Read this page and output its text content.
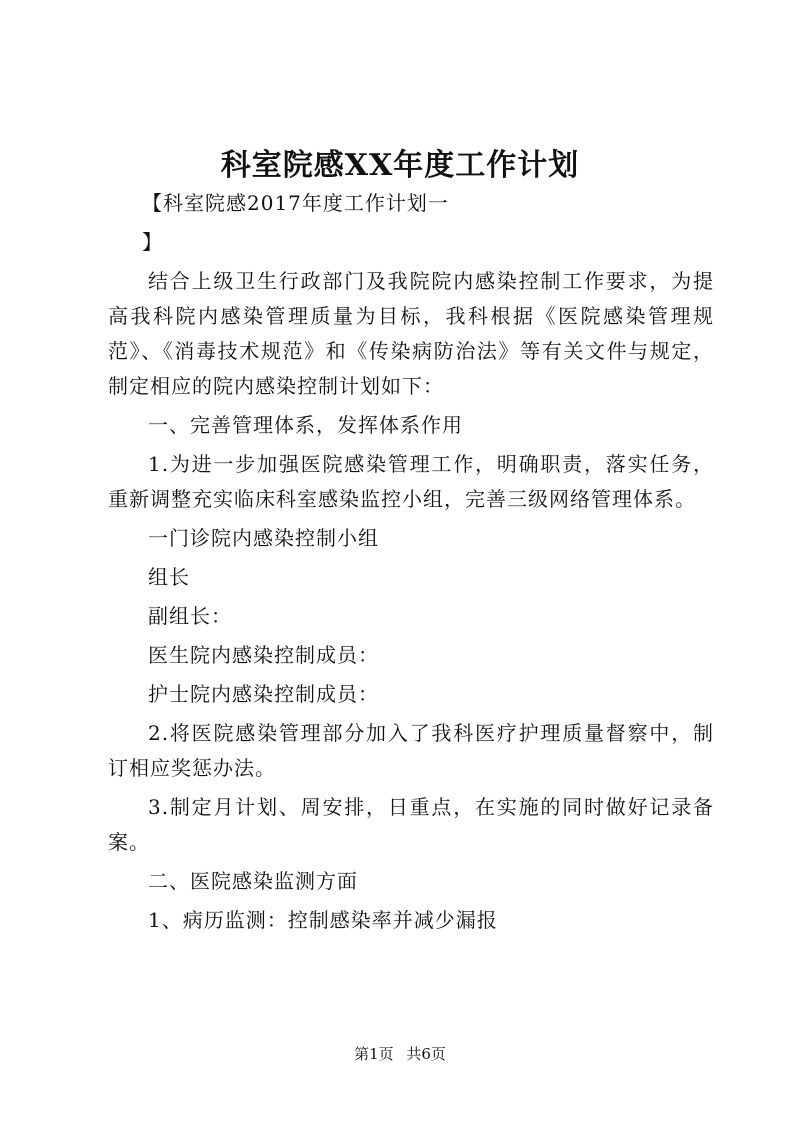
科室院感XX年度工作计划

【科室院感2017年度工作计划一

】

结合上级卫生行政部门及我院院内感染控制工作要求，为提高我科院内感染管理质量为目标，我科根据《医院感染管理规范》、《消毒技术规范》和《传染病防治法》等有关文件与规定，制定相应的院内感染控制计划如下：

一、完善管理体系，发挥体系作用

1.为进一步加强医院感染管理工作，明确职责，落实任务，重新调整充实临床科室感染监控小组，完善三级网络管理体系。

一门诊院内感染控制小组

组长

副组长：

医生院内感染控制成员：

护士院内感染控制成员：

2.将医院感染管理部分加入了我科医疗护理质量督察中，制订相应奖惩办法。

3.制定月计划、周安排，日重点，在实施的同时做好记录备案。

二、医院感染监测方面

1、病历监测：控制感染率并减少漏报

第1页 共6页
